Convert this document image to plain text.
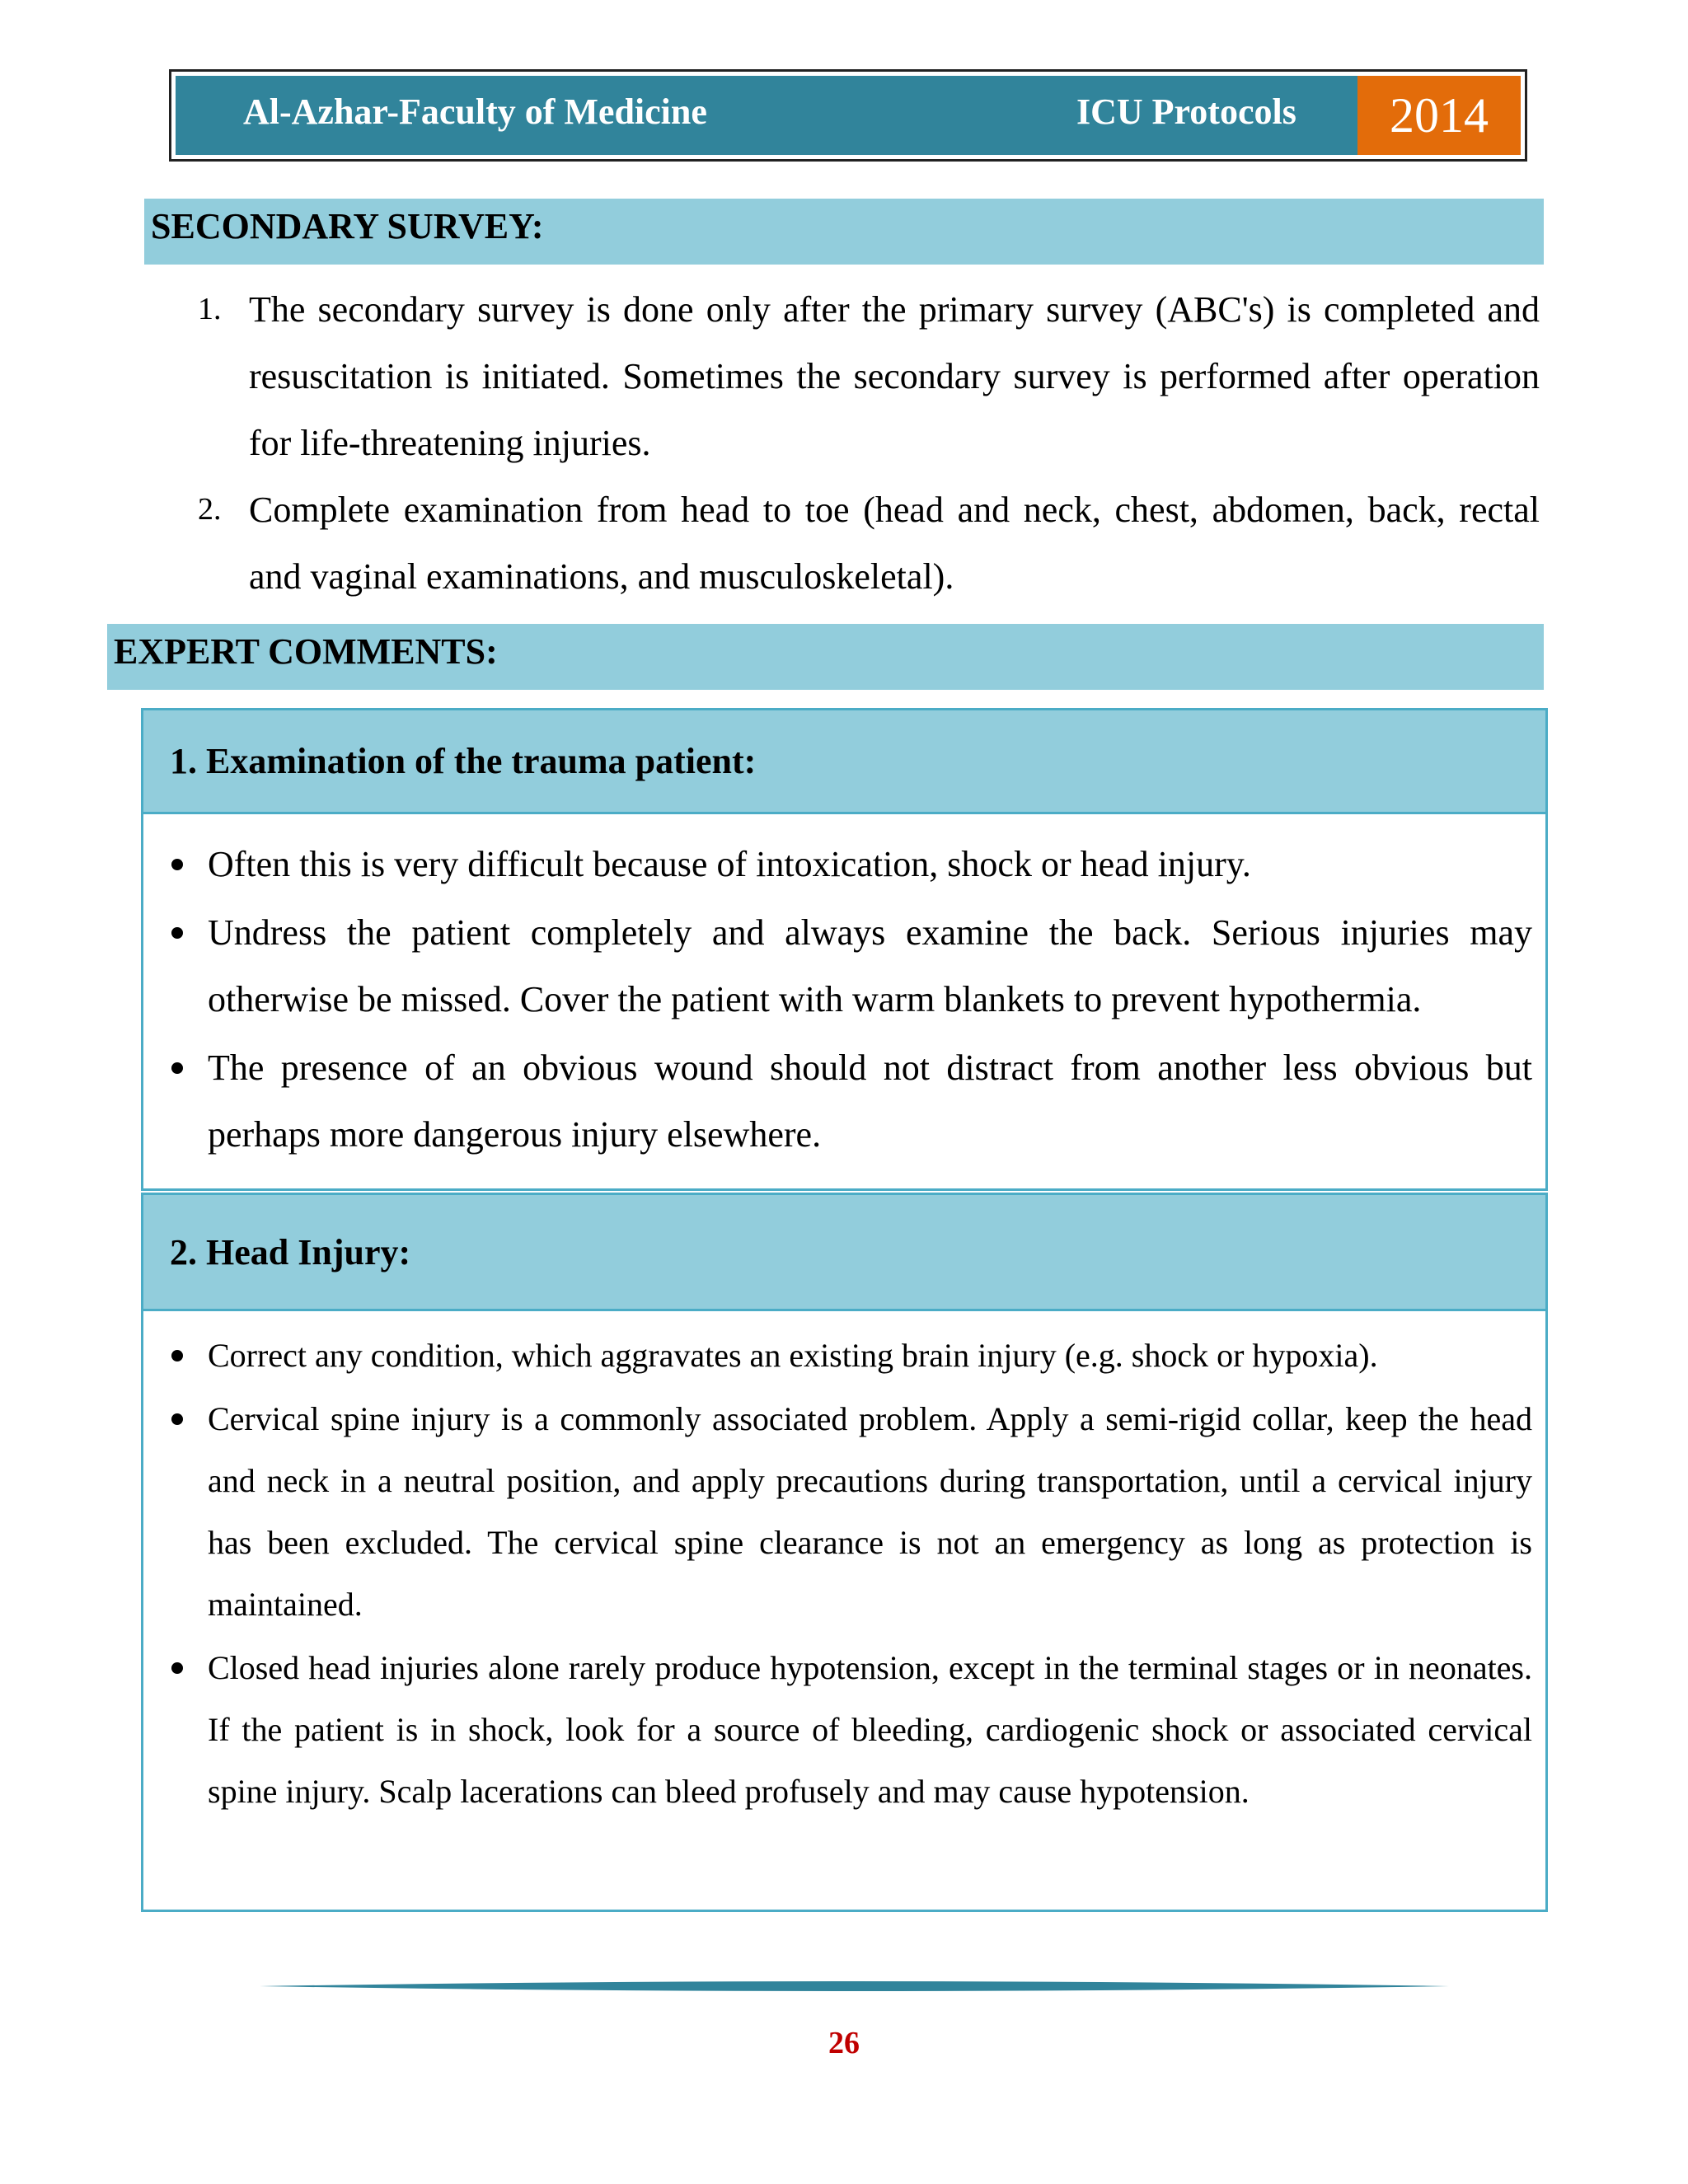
Al-Azhar-Faculty of Medicine	ICU Protocols	2014
SECONDARY SURVEY:
1. The secondary survey is done only after the primary survey (ABC's) is completed and resuscitation is initiated. Sometimes the secondary survey is performed after operation for life-threatening injuries.
2. Complete examination from head to toe (head and neck, chest, abdomen, back, rectal and vaginal examinations, and musculoskeletal).
EXPERT COMMENTS:
1. Examination of the trauma patient:
Often this is very difficult because of intoxication, shock or head injury.
Undress the patient completely and always examine the back. Serious injuries may otherwise be missed. Cover the patient with warm blankets to prevent hypothermia.
The presence of an obvious wound should not distract from another less obvious but perhaps more dangerous injury elsewhere.
2. Head Injury:
Correct any condition, which aggravates an existing brain injury (e.g. shock or hypoxia).
Cervical spine injury is a commonly associated problem. Apply a semi-rigid collar, keep the head and neck in a neutral position, and apply precautions during transportation, until a cervical injury has been excluded. The cervical spine clearance is not an emergency as long as protection is maintained.
Closed head injuries alone rarely produce hypotension, except in the terminal stages or in neonates. If the patient is in shock, look for a source of bleeding, cardiogenic shock or associated cervical spine injury. Scalp lacerations can bleed profusely and may cause hypotension.
26
